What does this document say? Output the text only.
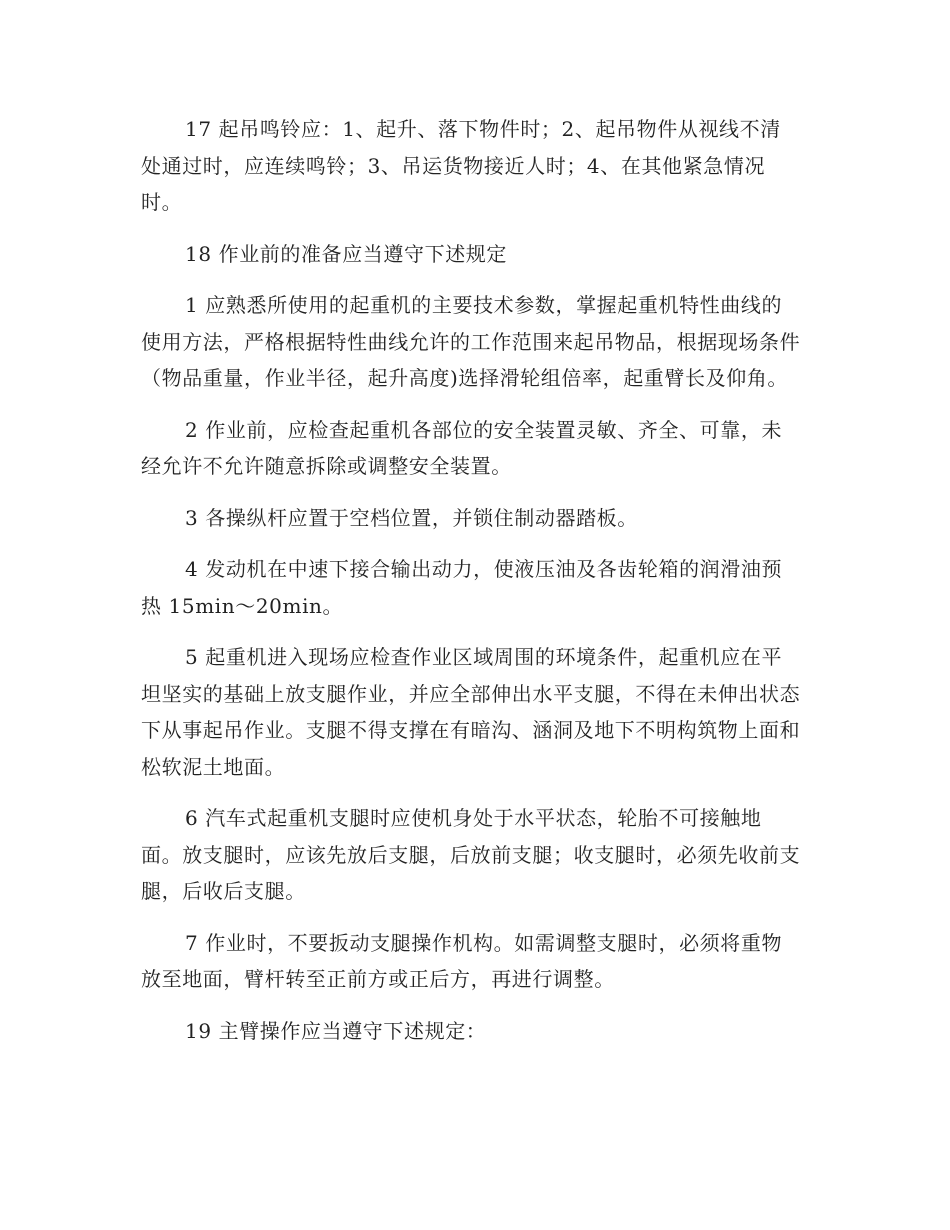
17 起吊鸣铃应：1、起升、落下物件时；2、起吊物件从视线不清处通过时，应连续鸣铃；3、吊运货物接近人时；4、在其他紧急情况时。

18 作业前的准备应当遵守下述规定

1 应熟悉所使用的起重机的主要技术参数，掌握起重机特性曲线的使用方法，严格根据特性曲线允许的工作范围来起吊物品，根据现场条件（物品重量，作业半径，起升高度)选择滑轮组倍率，起重臂长及仰角。

2 作业前，应检查起重机各部位的安全装置灵敏、齐全、可靠，未经允许不允许随意拆除或调整安全装置。

3 各操纵杆应置于空档位置，并锁住制动器踏板。

4 发动机在中速下接合输出动力，使液压油及各齿轮箱的润滑油预热 15min～20min。

5 起重机进入现场应检查作业区域周围的环境条件，起重机应在平坦坚实的基础上放支腿作业，并应全部伸出水平支腿，不得在未伸出状态下从事起吊作业。支腿不得支撑在有暗沟、涵洞及地下不明构筑物上面和松软泥土地面。

6 汽车式起重机支腿时应使机身处于水平状态，轮胎不可接触地面。放支腿时，应该先放后支腿，后放前支腿；收支腿时，必须先收前支腿，后收后支腿。

7 作业时，不要扳动支腿操作机构。如需调整支腿时，必须将重物放至地面，臂杆转至正前方或正后方，再进行调整。

19 主臂操作应当遵守下述规定：
